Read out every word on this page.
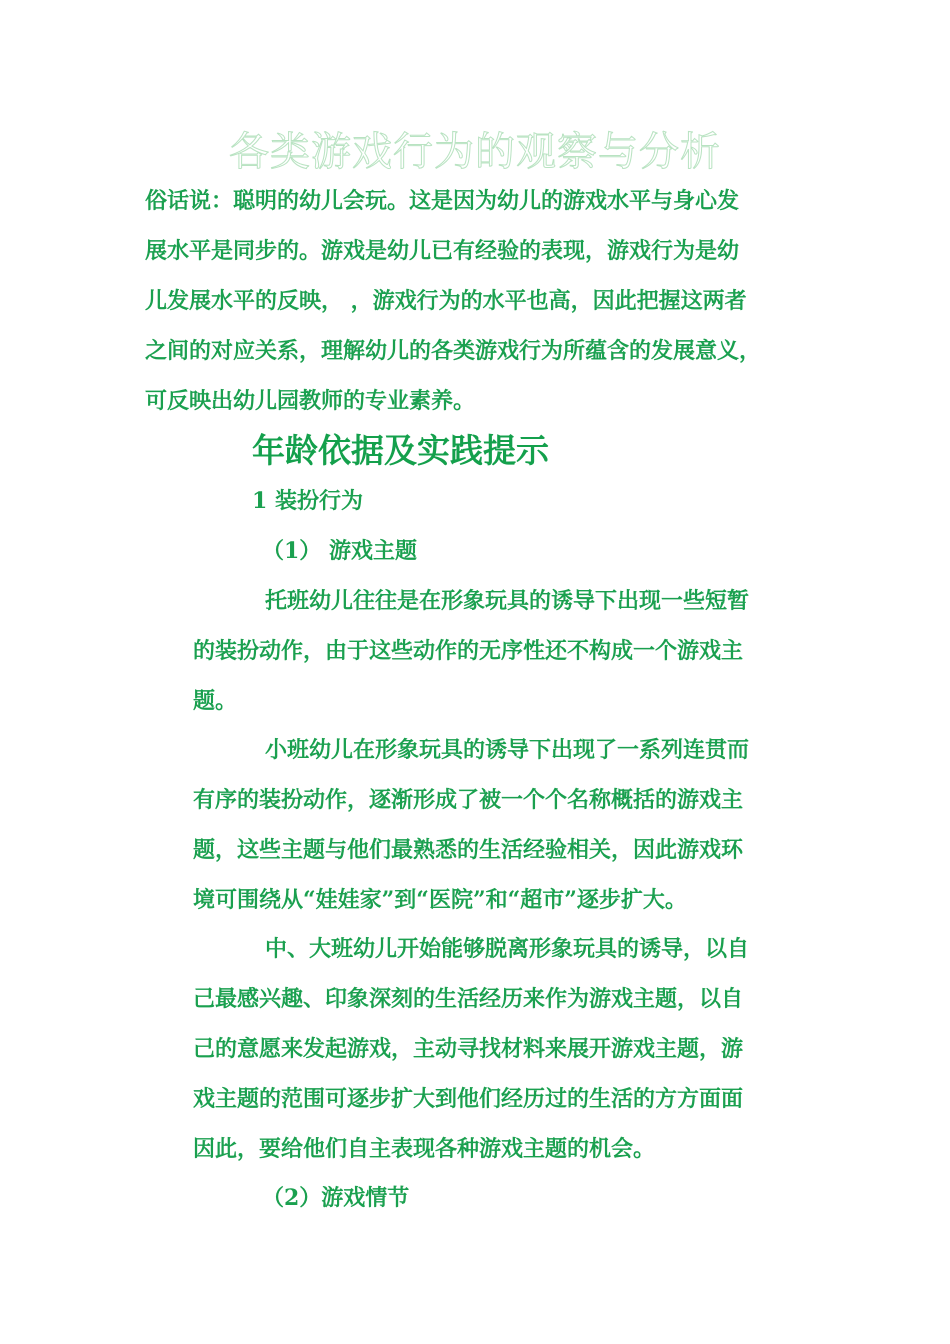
各类游戏行为的观察与分析
俗话说：聪明的幼儿会玩。这是因为幼儿的游戏水平与身心发
展水平是同步的。游戏是幼儿已有经验的表现，游戏行为是幼
儿发展水平的反映， ，游戏行为的水平也高，因此把握这两者
之间的对应关系，理解幼儿的各类游戏行为所蕴含的发展意义，
可反映出幼儿园教师的专业素养。
年龄依据及实践提示
1 装扮行为
（1） 游戏主题
托班幼儿往往是在形象玩具的诱导下出现一些短暂
的装扮动作，由于这些动作的无序性还不构成一个游戏主
题。
小班幼儿在形象玩具的诱导下出现了一系列连贯而
有序的装扮动作，逐渐形成了被一个个名称概括的游戏主
题，这些主题与他们最熟悉的生活经验相关，因此游戏环
境可围绕从“娃娃家”到“医院”和“超市”逐步扩大。
中、大班幼儿开始能够脱离形象玩具的诱导，以自
己最感兴趣、印象深刻的生活经历来作为游戏主题，以自
己的意愿来发起游戏，主动寻找材料来展开游戏主题，游
戏主题的范围可逐步扩大到他们经历过的生活的方方面面
因此，要给他们自主表现各种游戏主题的机会。
（2）游戏情节
